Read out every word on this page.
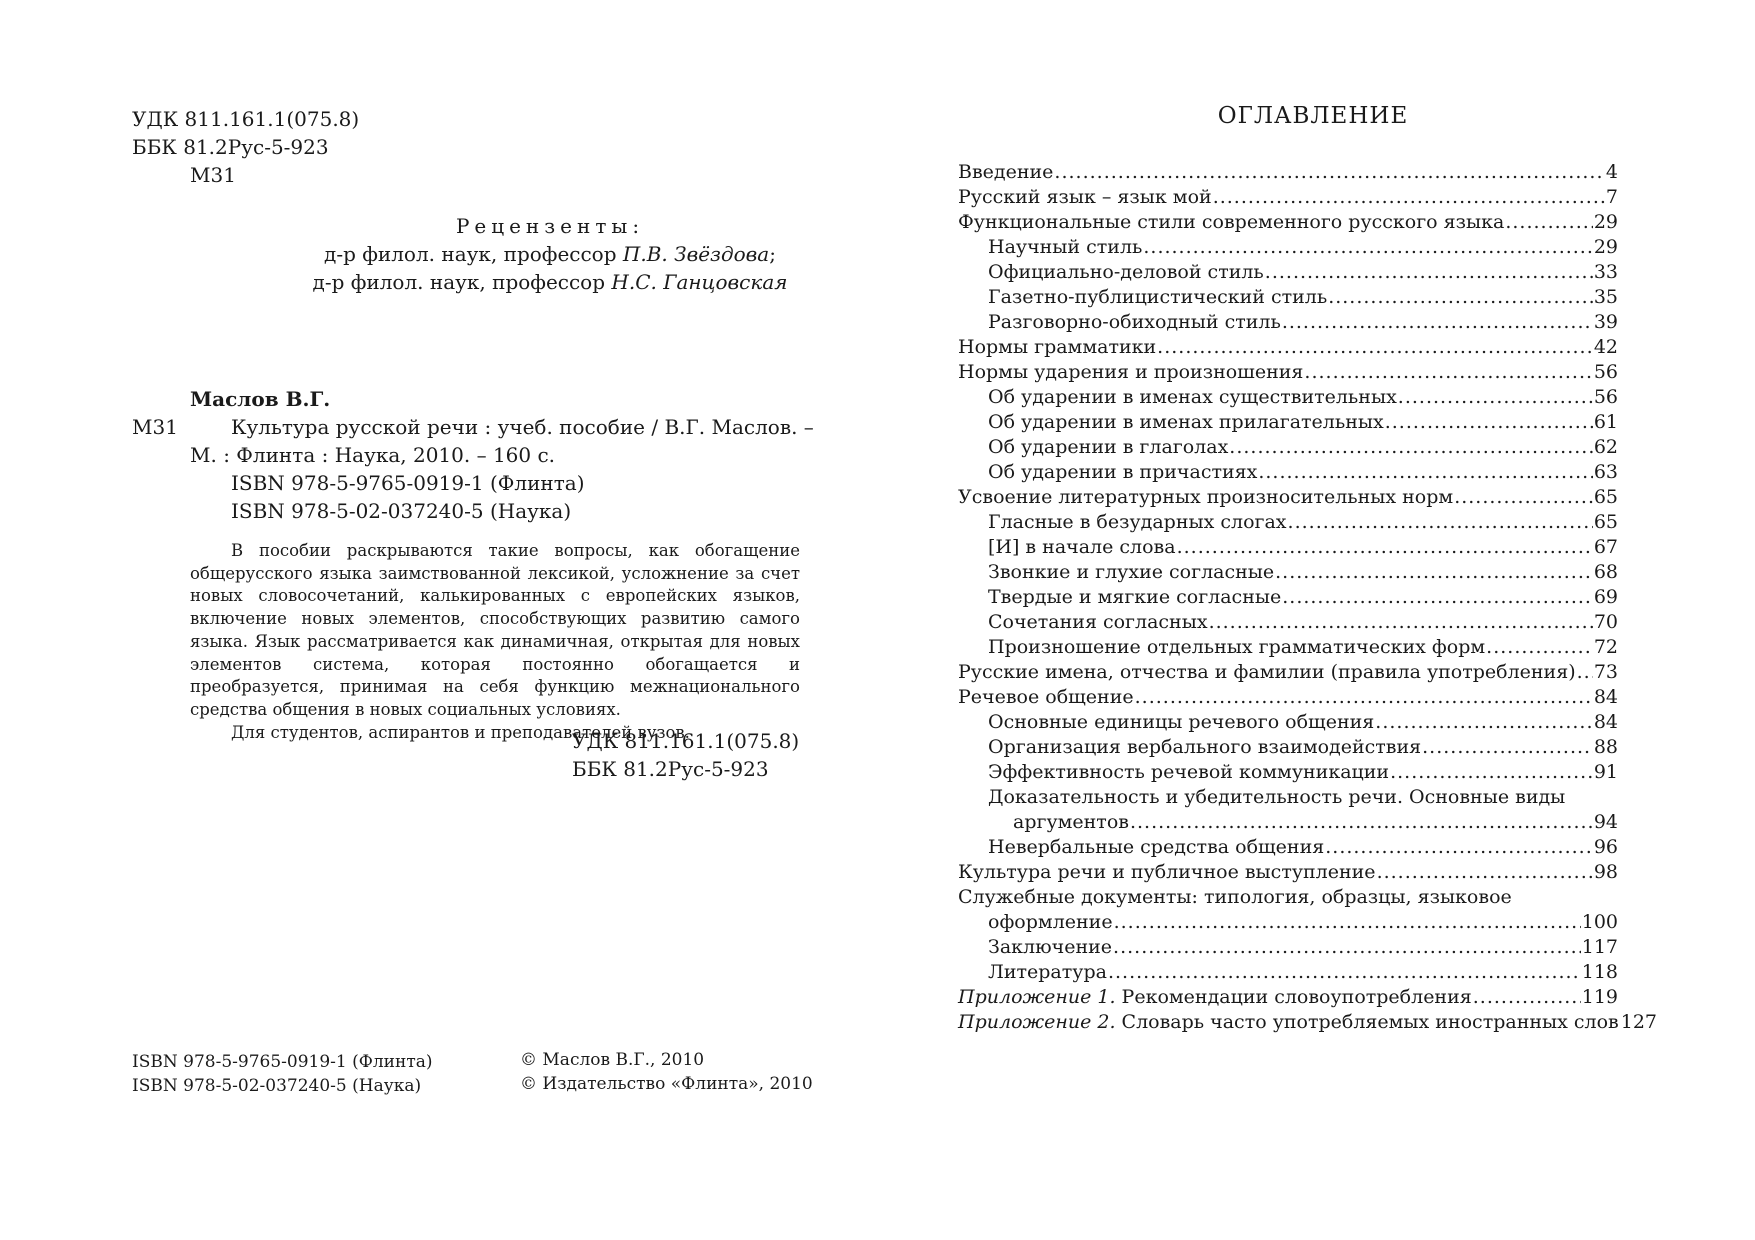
УДК 811.161.1(075.8)
ББК 81.2Рус-5-923
М31
Рецензенты:
д-р филол. наук, профессор П.В. Звёздова;
д-р филол. наук, профессор Н.С. Ганцовская
Маслов В.Г.
М31	Культура русской речи : учеб. пособие / В.Г. Маслов. –
М. : Флинта : Наука, 2010. – 160 с.
ISBN 978-5-9765-0919-1 (Флинта)
ISBN 978-5-02-037240-5 (Наука)

В пособии раскрываются такие вопросы, как обогащение общерусского языка заимствованной лексикой, усложнение за счет новых словосочетаний, калькированных с европейских языков, включение новых элементов, способствующих развитию самого языка. Язык рассматривается как динамичная, открытая для новых элементов система, которая постоянно обогащается и преобразуется, принимая на себя функцию межнационального средства общения в новых социальных условиях.

Для студентов, аспирантов и преподавателей вузов.

УДК 811.161.1(075.8)
ББК 81.2Рус-5-923
ISBN 978-5-9765-0919-1 (Флинта)
ISBN 978-5-02-037240-5 (Наука)
© Маслов В.Г., 2010
© Издательство «Флинта», 2010
ОГЛАВЛЕНИЕ
Введение .....	4
Русский язык – язык мой .....	7
Функциональные стили современного русского языка .....	29
Научный стиль .....	29
Официально-деловой стиль .....	33
Газетно-публицистический стиль .....	35
Разговорно-обиходный стиль .....	39
Нормы грамматики .....	42
Нормы ударения и произношения .....	56
Об ударении в именах существительных .....	56
Об ударении в именах прилагательных .....	61
Об ударении в глаголах .....	62
Об ударении в причастиях .....	63
Усвоение литературных произносительных норм .....	65
Гласные в безударных слогах .....	65
[И] в начале слова .....	67
Звонкие и глухие согласные .....	68
Твердые и мягкие согласные .....	69
Сочетания согласных .....	70
Произношение отдельных грамматических форм .....	72
Русские имена, отчества и фамилии (правила употребления) ..... 73
Речевое общение .....	84
Основные единицы речевого общения .....	84
Организация вербального взаимодействия .....	88
Эффективность речевой коммуникации .....	91
Доказательность и убедительность речи. Основные виды
аргументов .....	94
Невербальные средства общения .....	96
Культура речи и публичное выступление .....	98
Служебные документы: типология, образцы, языковое
оформление .....	100
Заключение .....	117
Литература .....	118
Приложение 1. Рекомендации словоупотребления .....	119
Приложение 2. Словарь часто употребляемых иностранных слов 127
